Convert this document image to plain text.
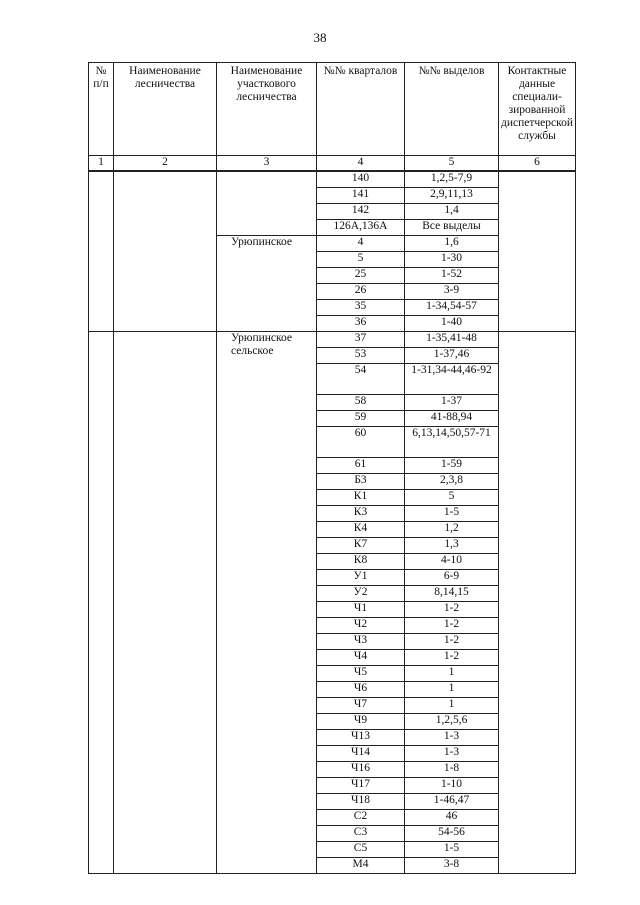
38
№ п/п	Наименование лесничества	Наименование участкового лесничества	№№ кварталов	№№ выделов	Контактные данные специали-зированной диспетчерской службы
1	2	3	4	5	6
			140	1,2,5-7,9	
			141	2,9,11,13	
			142	1,4	
			126А,136А	Все выделы	
		Урюпинское	4	1,6	
			5	1-30	
			25	1-52	
			26	3-9	
			35	1-34,54-57	
			36	1-40	
		Урюпинское сельское	37	1-35,41-48	
			53	1-37,46	
			54	1-31,34-44,46-92	
			58	1-37	
			59	41-88,94	
			60	6,13,14,50,57-71	
			61	1-59	
			Б3	2,3,8	
			К1	5	
			К3	1-5	
			К4	1,2	
			К7	1,3	
			К8	4-10	
			У1	6-9	
			У2	8,14,15	
			Ч1	1-2	
			Ч2	1-2	
			Ч3	1-2	
			Ч4	1-2	
			Ч5	1	
			Ч6	1	
			Ч7	1	
			Ч9	1,2,5,6	
			Ч13	1-3	
			Ч14	1-3	
			Ч16	1-8	
			Ч17	1-10	
			Ч18	1-46,47	
			С2	46	
			С3	54-56	
			С5	1-5	
			М4	3-8	
